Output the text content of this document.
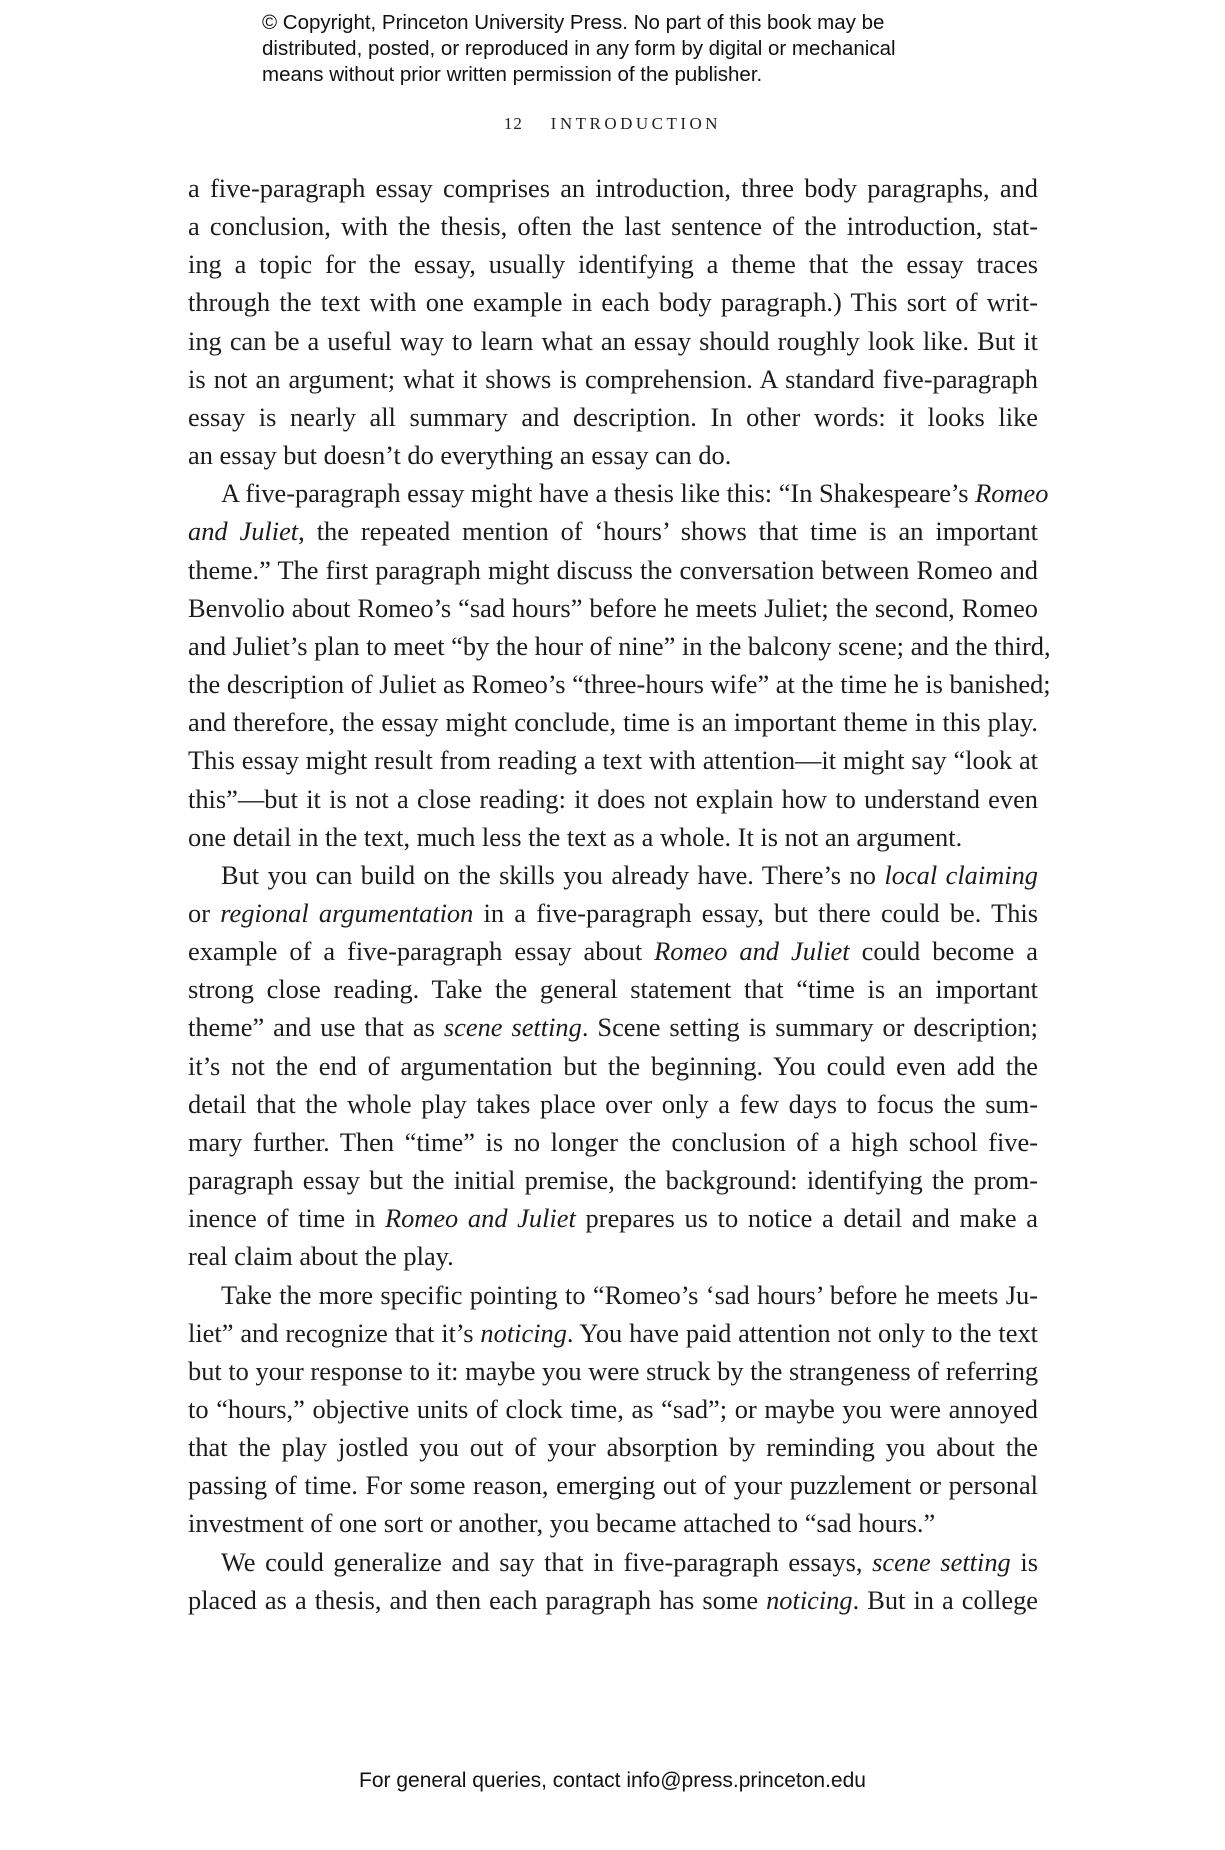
© Copyright, Princeton University Press. No part of this book may be
distributed, posted, or reproduced in any form by digital or mechanical
means without prior written permission of the publisher.
12 INTRODUCTION
a five-paragraph essay comprises an introduction, three body paragraphs, and
a conclusion, with the thesis, often the last sentence of the introduction, stat-
ing a topic for the essay, usually identifying a theme that the essay traces
through the text with one example in each body paragraph.) This sort of writ-
ing can be a useful way to learn what an essay should roughly look like. But it
is not an argument; what it shows is comprehension. A standard five-paragraph
essay is nearly all summary and description. In other words: it looks like
an essay but doesn’t do everything an essay can do.
A five-paragraph essay might have a thesis like this: “In Shakespeare’s Romeo
and Juliet, the repeated mention of ‘hours’ shows that time is an important
theme.” The first paragraph might discuss the conversation between Romeo and
Benvolio about Romeo’s “sad hours” before he meets Juliet; the second, Romeo
and Juliet’s plan to meet “by the hour of nine” in the balcony scene; and the third,
the description of Juliet as Romeo’s “three-hours wife” at the time he is banished;
and therefore, the essay might conclude, time is an important theme in this play.
This essay might result from reading a text with attention—it might say “look at
this”—but it is not a close reading: it does not explain how to understand even
one detail in the text, much less the text as a whole. It is not an argument.
But you can build on the skills you already have. There’s no local claiming
or regional argumentation in a five-paragraph essay, but there could be. This
example of a five-paragraph essay about Romeo and Juliet could become a
strong close reading. Take the general statement that “time is an important
theme” and use that as scene setting. Scene setting is summary or description;
it’s not the end of argumentation but the beginning. You could even add the
detail that the whole play takes place over only a few days to focus the sum-
mary further. Then “time” is no longer the conclusion of a high school five-
paragraph essay but the initial premise, the background: identifying the prom-
inence of time in Romeo and Juliet prepares us to notice a detail and make a
real claim about the play.
Take the more specific pointing to “Romeo’s ‘sad hours’ before he meets Ju-
liet” and recognize that it’s noticing. You have paid attention not only to the text
but to your response to it: maybe you were struck by the strangeness of referring
to “hours,” objective units of clock time, as “sad”; or maybe you were annoyed
that the play jostled you out of your absorption by reminding you about the
passing of time. For some reason, emerging out of your puzzlement or personal
investment of one sort or another, you became attached to “sad hours.”
We could generalize and say that in five-paragraph essays, scene setting is
placed as a thesis, and then each paragraph has some noticing. But in a college
For general queries, contact info@press.princeton.edu
